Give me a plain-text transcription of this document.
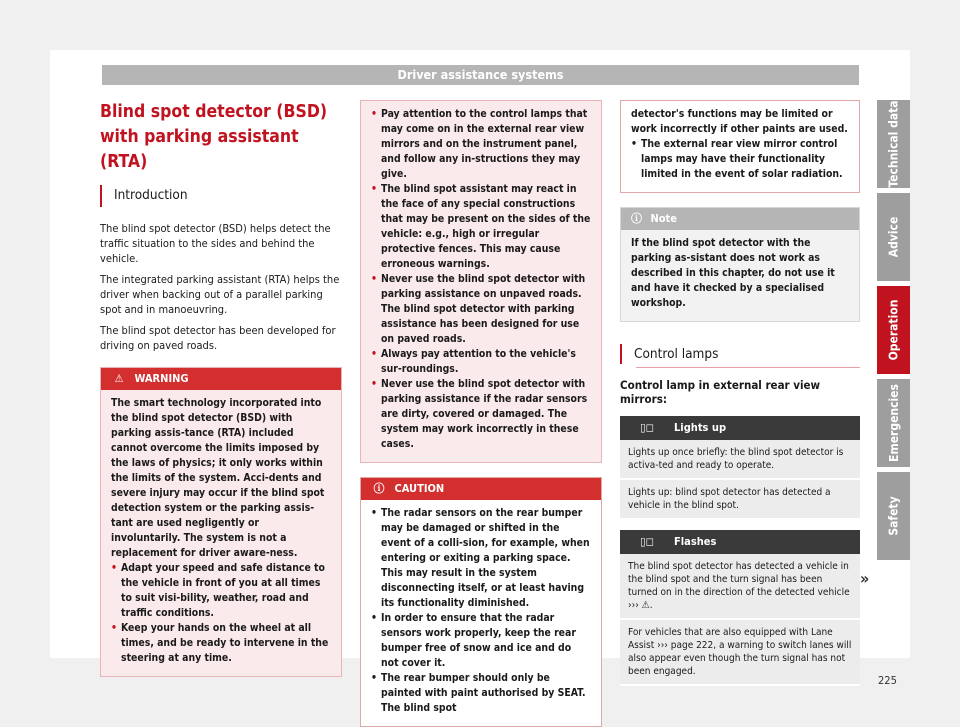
Driver assistance systems
Blind spot detector (BSD) with parking assistant (RTA)
Introduction

The blind spot detector (BSD) helps detect the traffic situation to the sides and behind the vehicle.

The integrated parking assistant (RTA) helps the driver when backing out of a parallel parking spot and in manoeuvring.

The blind spot detector has been developed for driving on paved roads.

⚠ WARNING

The smart technology incorporated into the blind spot detector (BSD) with parking assis-tance (RTA) included cannot overcome the limits imposed by the laws of physics; it only works within the limits of the system. Acci-dents and severe injury may occur if the blind spot detection system or the parking assis-tant are used negligently or involuntarily. The system is not a replacement for driver aware-ness.

• Adapt your speed and safe distance to the vehicle in front of you at all times to suit visi-bility, weather, road and traffic conditions.
• Keep your hands on the wheel at all times, and be ready to intervene in the steering at any time.
• Pay attention to the control lamps that may come on in the external rear view mirrors and on the instrument panel, and follow any in-structions they may give.
• The blind spot assistant may react in the face of any special constructions that may be present on the sides of the vehicle: e.g., high or irregular protective fences. This may cause erroneous warnings.
• Never use the blind spot detector with parking assistance on unpaved roads. The blind spot detector with parking assistance has been designed for use on paved roads.
• Always pay attention to the vehicle's sur-roundings.
• Never use the blind spot detector with parking assistance if the radar sensors are dirty, covered or damaged. The system may work incorrectly in these cases.
ⓘ CAUTION
• The radar sensors on the rear bumper may be damaged or shifted in the event of a colli-sion, for example, when entering or exiting a parking space. This may result in the system disconnecting itself, or at least having its functionality diminished.
• In order to ensure that the radar sensors work properly, keep the rear bumper free of snow and ice and do not cover it.
• The rear bumper should only be painted with paint authorised by SEAT. The blind spot

detector's functions may be limited or work incorrectly if other paints are used.

• The external rear view mirror control lamps may have their functionality limited in the event of solar radiation.
ⓘ Note

If the blind spot detector with the parking as-sistant does not work as described in this chapter, do not use it and have it checked by a specialised workshop.

Control lamps
Control lamp in external rear view mirrors:
▯◻	Lights up
Lights up once briefly: the blind spot detector is activa-ted and ready to operate.
Lights up: blind spot detector has detected a vehicle in the blind spot.
▯◻	Flashes
The blind spot detector has detected a vehicle in the blind spot and the turn signal has been turned on in the direction of the detected vehicle ››› ⚠.
For vehicles that are also equipped with Lane Assist ››› page 222, a warning to switch lanes will also appear even though the turn signal has not been engaged.
»
Technical data
Advice
Operation
Emergencies
Safety
225
